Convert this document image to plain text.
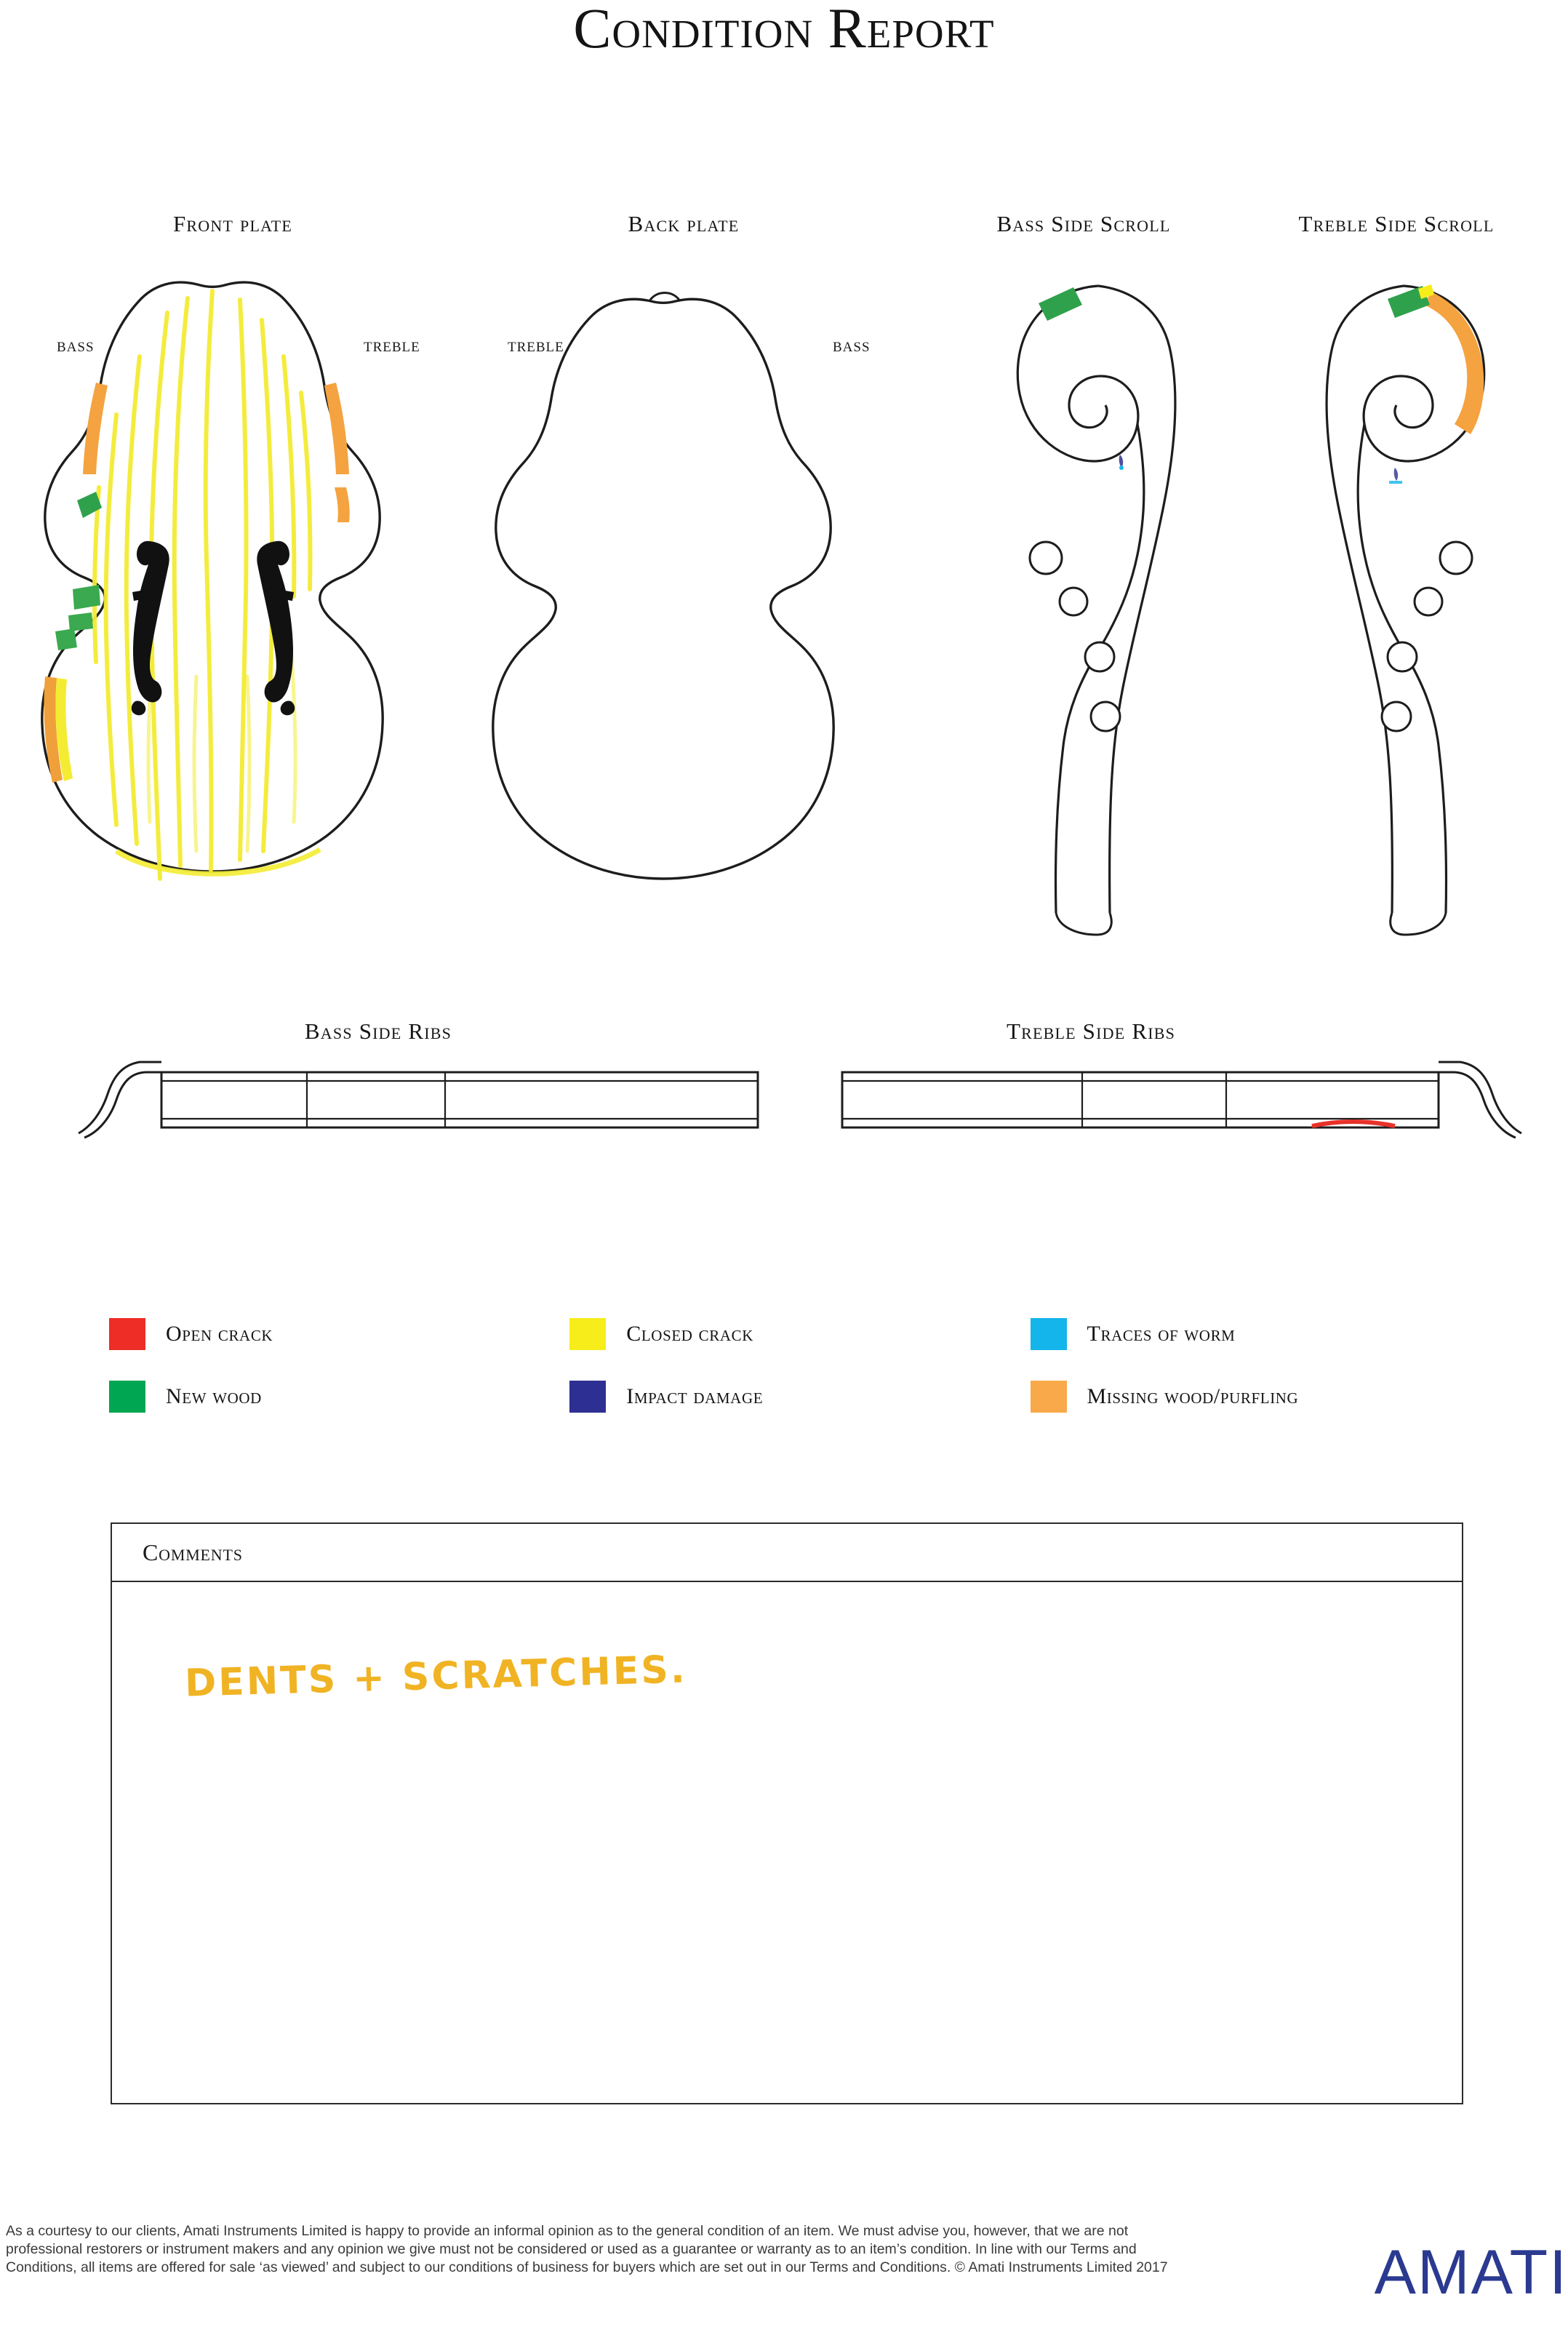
Condition Report
Front plate	Back plate	Bass Side Scroll	Treble Side Scroll
BASS	TREBLE	TREBLE	BASS
Bass Side Ribs	Treble Side Ribs
Open crack	Closed crack	Traces of worm
New wood	Impact damage	Missing wood/purfling
Comments
DENTS + SCRATCHES.
As a courtesy to our clients, Amati Instruments Limited is happy to provide an informal opinion as to the general condition of an item. We must advise you, however, that we are not professional restorers or instrument makers and any opinion we give must not be considered or used as a guarantee or warranty as to an item’s condition. In line with our Terms and Conditions, all items are offered for sale ‘as viewed’ and subject to our conditions of business for buyers which are set out in our Terms and Conditions. © Amati Instruments Limited 2017	AMATI
